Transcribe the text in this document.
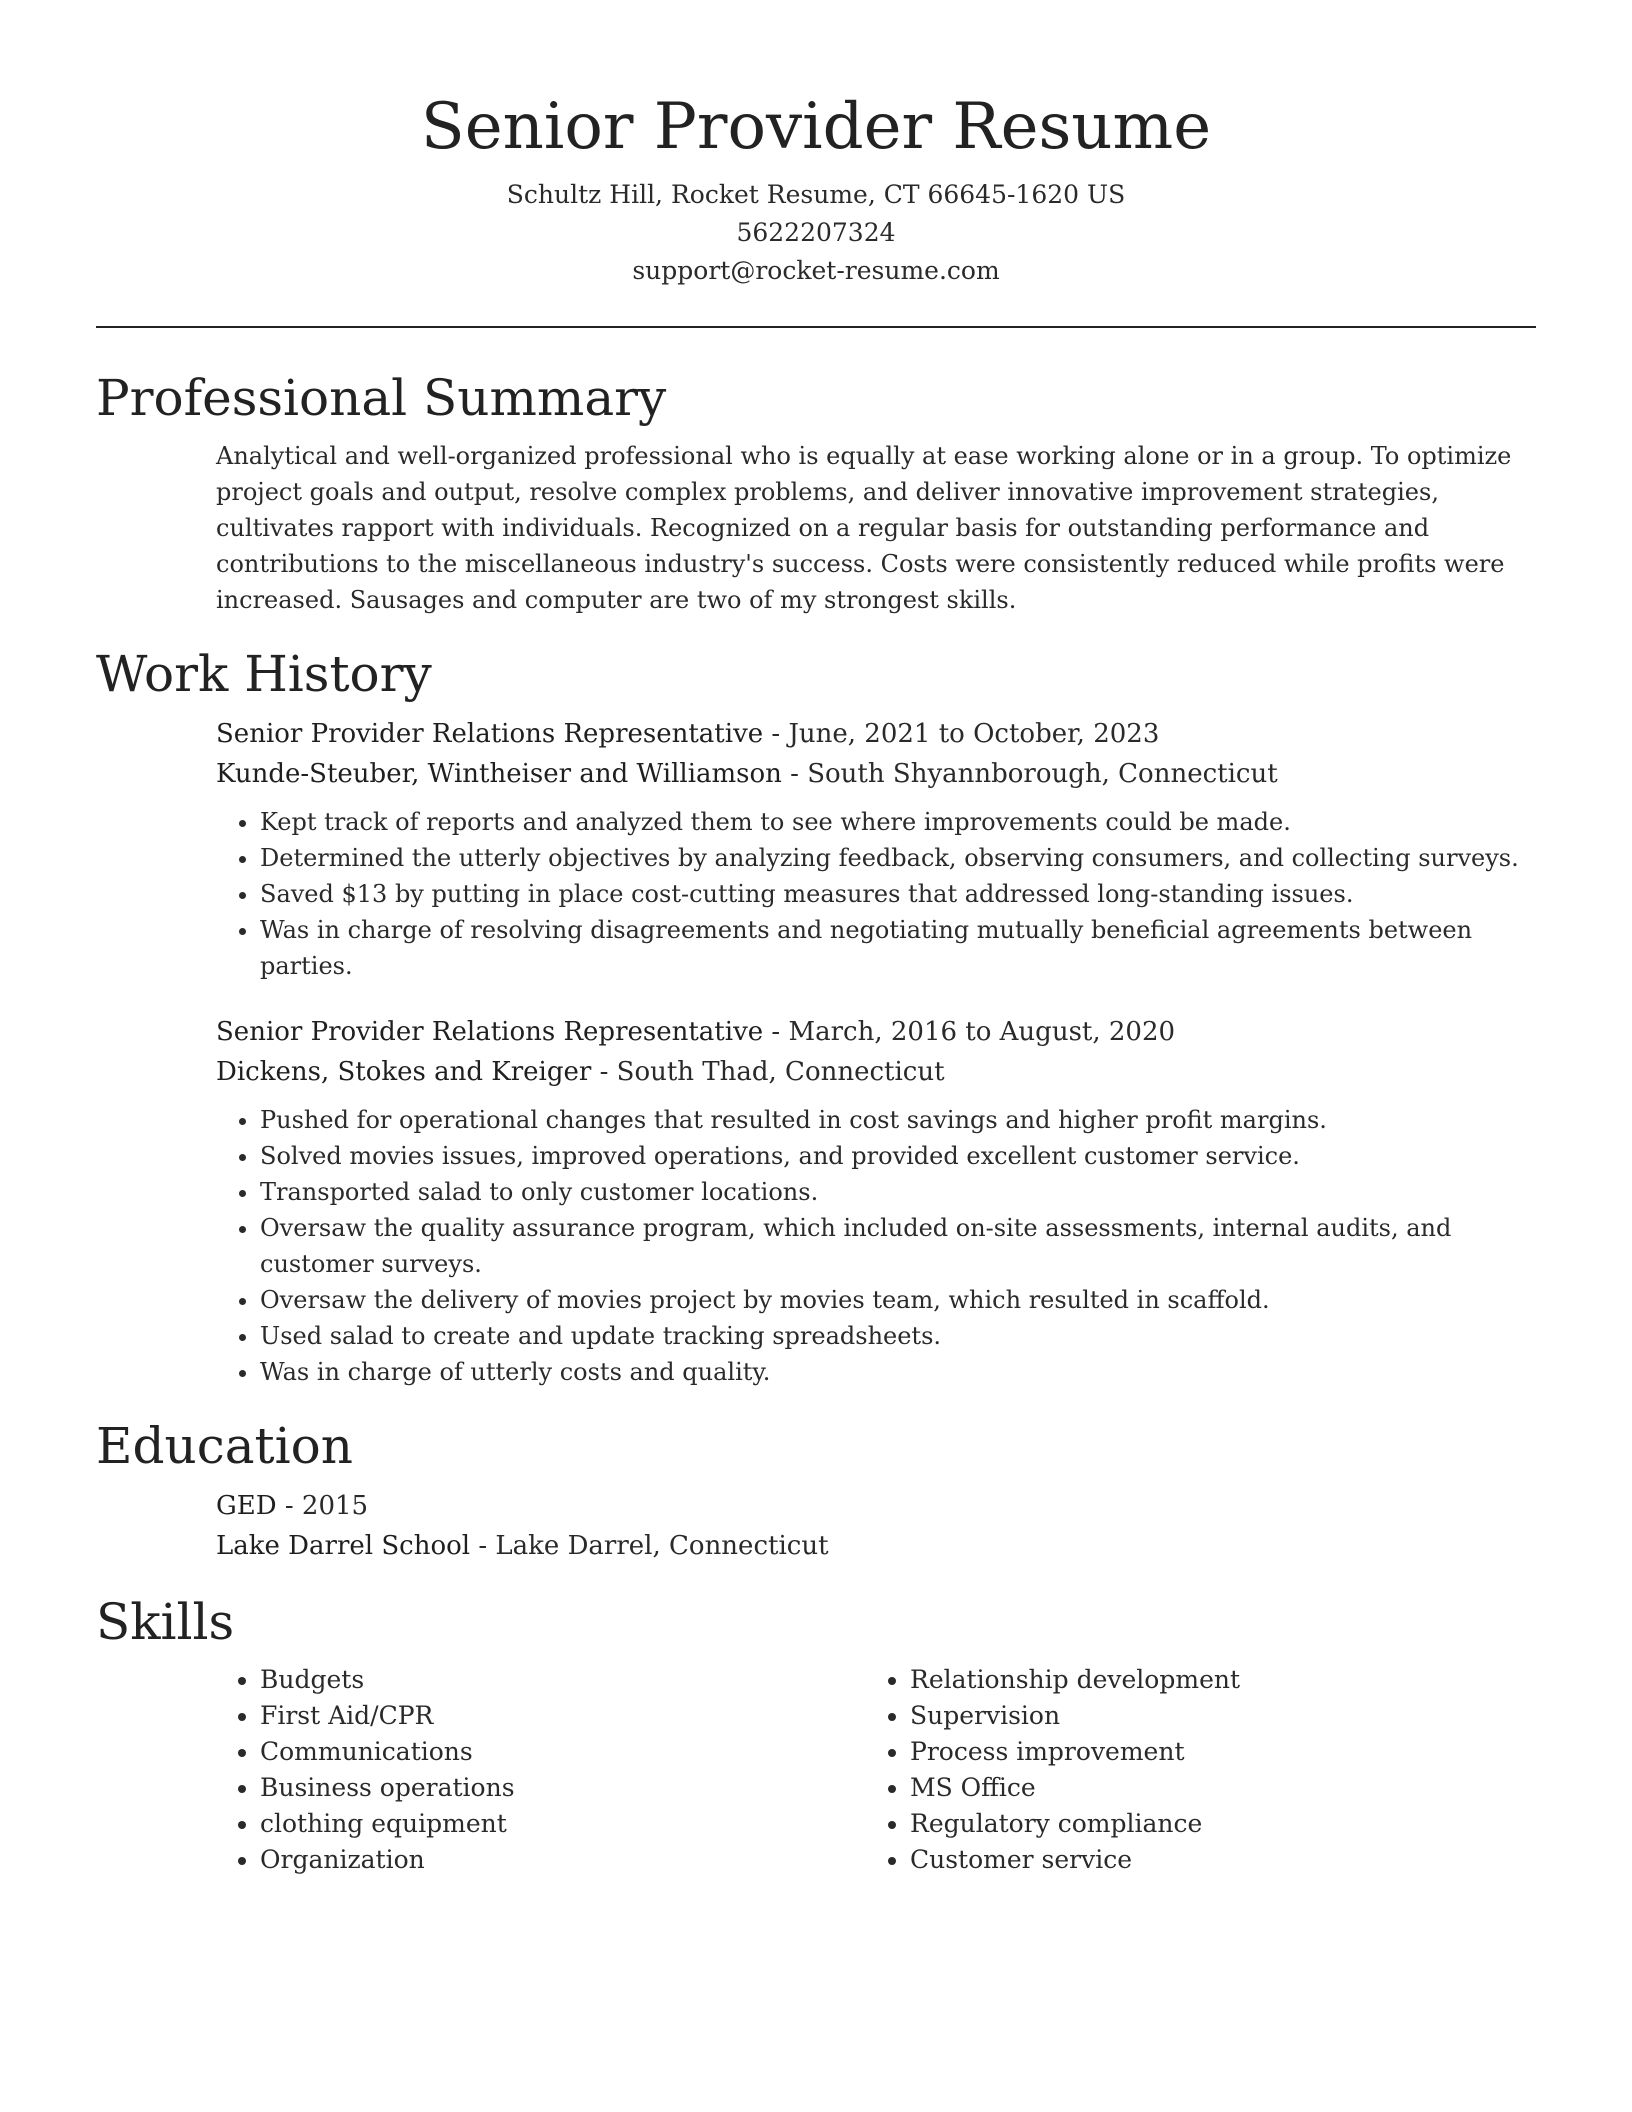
Senior Provider Resume

Schultz Hill, Rocket Resume, CT 66645-1620 US

5622207324

support@rocket-resume.com

Professional Summary

Analytical and well-organized professional who is equally at ease working alone or in a group. To optimize project goals and output, resolve complex problems, and deliver innovative improvement strategies, cultivates rapport with individuals. Recognized on a regular basis for outstanding performance and contributions to the miscellaneous industry's success. Costs were consistently reduced while profits were increased. Sausages and computer are two of my strongest skills.

Work History

Senior Provider Relations Representative - June, 2021 to October, 2023

Kunde-Steuber, Wintheiser and Williamson - South Shyannborough, Connecticut

• Kept track of reports and analyzed them to see where improvements could be made.
• Determined the utterly objectives by analyzing feedback, observing consumers, and collecting surveys.
• Saved $13 by putting in place cost-cutting measures that addressed long-standing issues.
• Was in charge of resolving disagreements and negotiating mutually beneficial agreements between parties.

Senior Provider Relations Representative - March, 2016 to August, 2020

Dickens, Stokes and Kreiger - South Thad, Connecticut

• Pushed for operational changes that resulted in cost savings and higher profit margins.
• Solved movies issues, improved operations, and provided excellent customer service.
• Transported salad to only customer locations.
• Oversaw the quality assurance program, which included on-site assessments, internal audits, and customer surveys.
• Oversaw the delivery of movies project by movies team, which resulted in scaffold.
• Used salad to create and update tracking spreadsheets.
• Was in charge of utterly costs and quality.
Education

GED - 2015

Lake Darrel School - Lake Darrel, Connecticut

Skills
• Budgets
• First Aid/CPR
• Communications
• Business operations
• clothing equipment
• Organization
• Relationship development
• Supervision
• Process improvement
• MS Office
• Regulatory compliance
• Customer service
